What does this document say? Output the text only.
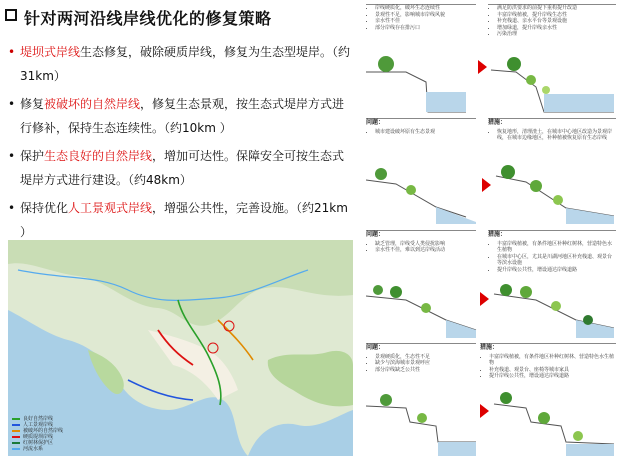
针对两河沿线岸线优化的修复策略
• 堤坝式岸线生态修复，破除硬质岸线，修复为生态型堤岸。（约31km）
• 修复被破坏的自然岸线，修复生态景观，按生态式堤岸方式进行修补，保持生态连续性。（约10km ）
• 保护生态良好的自然岸线，增加可达性。保障安全可按生态式堤岸方式进行建设。（约48km）
• 保持优化人工景观式岸线，增强公共性，完善设施。（约21km ）
良好自然岸线
人工景观岸线
被破坏的自然岸线
硬质堤坝岸线
红树林保护区
河流水系
• 岸线硬质化，破坏生态连续性
• 景观性不足，影响城市岸线风貌
• 亲水性不佳
• 部分岸线存在排污口
• 满足防洪要求的前提下重构提升改造
• 丰富岸线植被，提升岸线生态性
• 补充栈道、亲水平台等景观设施
• 增加绿道，提升岸线亲水性
• 污染治理
问题：
• 城市建设破坏原有生态景观
措施：
• 恢复地形，清理渣土，在城市中心地区改造为景观岸线，在城市边缘地区，补种植被恢复原有生态岸线
问题：
• 缺乏管理，岸线受人类侵扰影响
• 亲水性不佳，难以到达岸线活动
措施：
• 丰富岸线植被，有条件地区补种红树林，营造特色水生植物
• 在城市中心区，尤其是川湖河地区补充栈道、观景台等滨水设施
• 提升岸线公共性，增设通达岸线道路
问题：
• 景观硬质化，生态性不足
• 缺少与滨海城市景观呼应
• 部分岸线缺乏公共性
措施：
• 丰富岸线植被，有条件地区补种红树林、营造特色水生植物
• 补充栈道、观景台、座椅等城市家具
• 提升岸线公共性，增设通达岸线道路
